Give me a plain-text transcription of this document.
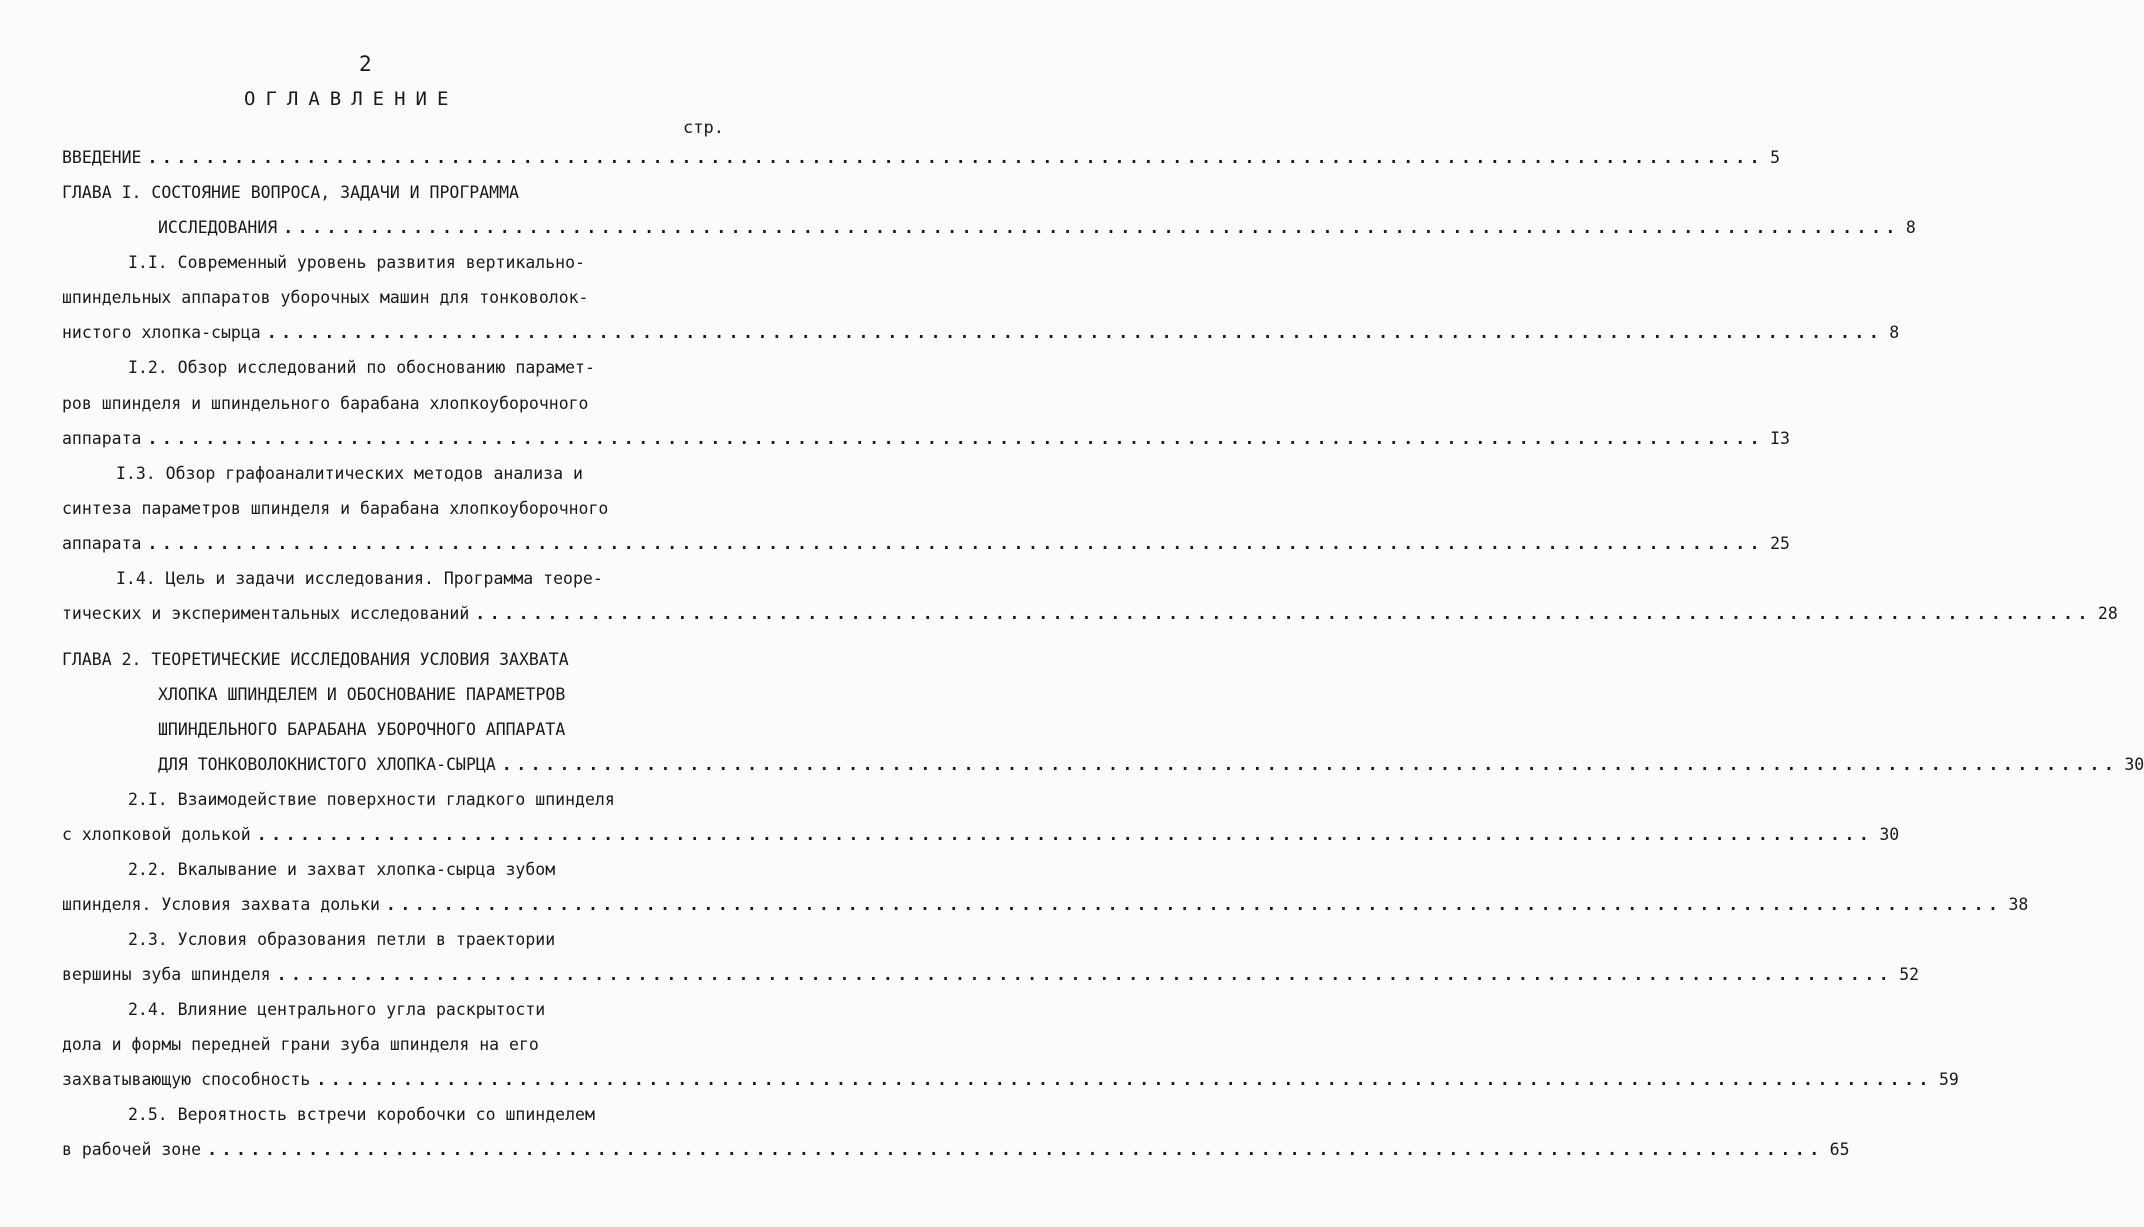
2
ОГЛАВЛЕНИЕ
стр.
ВВЕДЕНИЕ ................................................................................................................ 5
ГЛАВА I. СОСТОЯНИЕ ВОПРОСА, ЗАДАЧИ И ПРОГРАММА
ИССЛЕДОВАНИЯ ................................................................................................................ 8
I.I. Современный уровень развития вертикально-
шпиндельных аппаратов уборочных машин для тонковолок-
нистого хлопка-сырца ................................................................................................................ 8
I.2. Обзор исследований по обоснованию парамет-
ров шпинделя и шпиндельного барабана хлопкоуборочного
аппарата ................................................................................................................ I3
I.3. Обзор графоаналитических методов анализа и
синтеза параметров шпинделя и барабана хлопкоуборочного
аппарата ................................................................................................................ 25
I.4. Цель и задачи исследования. Программа теоре-
тических и экспериментальных исследований ................................................................................................................ 28
ГЛАВА 2. ТЕОРЕТИЧЕСКИЕ ИССЛЕДОВАНИЯ УСЛОВИЯ ЗАХВАТА
ХЛОПКА ШПИНДЕЛЕМ И ОБОСНОВАНИЕ ПАРАМЕТРОВ
ШПИНДЕЛЬНОГО БАРАБАНА УБОРОЧНОГО АППАРАТА
ДЛЯ ТОНКОВОЛОКНИСТОГО ХЛОПКА-СЫРЦА ................................................................................................................ 30
2.I. Взаимодействие поверхности гладкого шпинделя
с хлопковой долькой ................................................................................................................ 30
2.2. Вкалывание и захват хлопка-сырца зубом
шпинделя. Условия захвата дольки ................................................................................................................ 38
2.3. Условия образования петли в траектории
вершины зуба шпинделя ................................................................................................................ 52
2.4. Влияние центрального угла раскрытости
дола и формы передней грани зуба шпинделя на его
захватывающую способность ................................................................................................................ 59
2.5. Вероятность встречи коробочки со шпинделем
в рабочей зоне ................................................................................................................ 65
